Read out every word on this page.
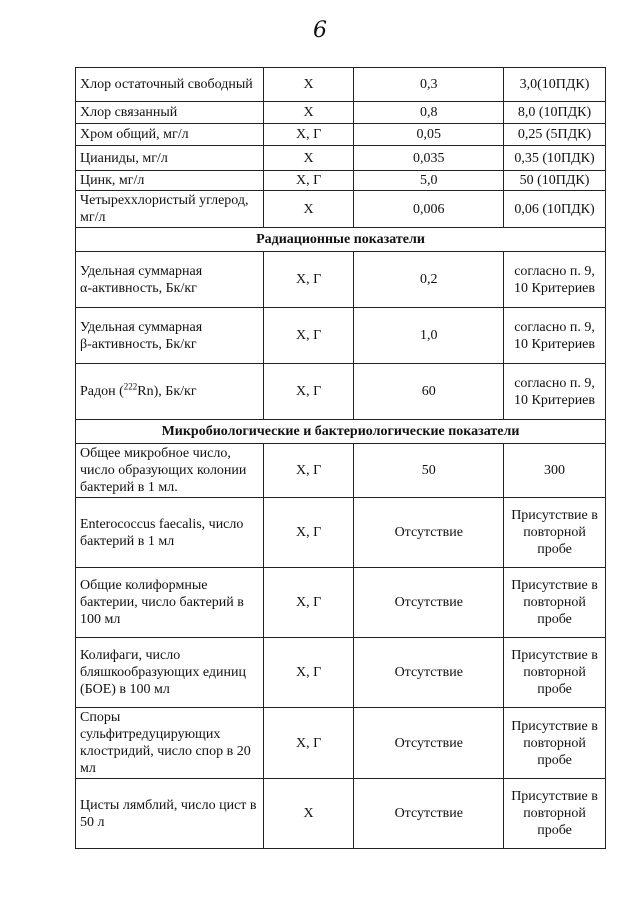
6
Хлор остаточный свободный	Х	0,3	3,0(10ПДК)
Хлор связанный	Х	0,8	8,0 (10ПДК)
Хром общий, мг/л	Х, Г	0,05	0,25 (5ПДК)
Цианиды, мг/л	Х	0,035	0,35 (10ПДК)
Цинк, мг/л	Х, Г	5,0	50 (10ПДК)
Четыреххлористый углерод, мг/л	Х	0,006	0,06 (10ПДК)
Радиационные показатели			
Удельная суммарная
α-активность, Бк/кг	Х, Г	0,2	согласно п. 9, 10 Критериев
Удельная суммарная
β-активность, Бк/кг	Х, Г	1,0	согласно п. 9, 10 Критериев
Радон ($^{222}$Rn), Бк/кг	Х, Г	60	согласно п. 9, 10 Критериев
Микробиологические и бактериологические показатели			
Общее микробное число, число образующих колонии бактерий в 1 мл.	Х, Г	50	300
Enterococcus faecalis, число бактерий в 1 мл	Х, Г	Отсутствие	Присутствие в повторной пробе
Общие колиформные бактерии, число бактерий в 100 мл	Х, Г	Отсутствие	Присутствие в повторной пробе
Колифаги, число бляшкообразующих единиц (БОЕ) в 100 мл	Х, Г	Отсутствие	Присутствие в повторной пробе
Споры сульфитредуцирующих клостридий, число спор в 20 мл	Х, Г	Отсутствие	Присутствие в повторной пробе
Цисты лямблий, число цист в 50 л	Х	Отсутствие	Присутствие в повторной пробе
